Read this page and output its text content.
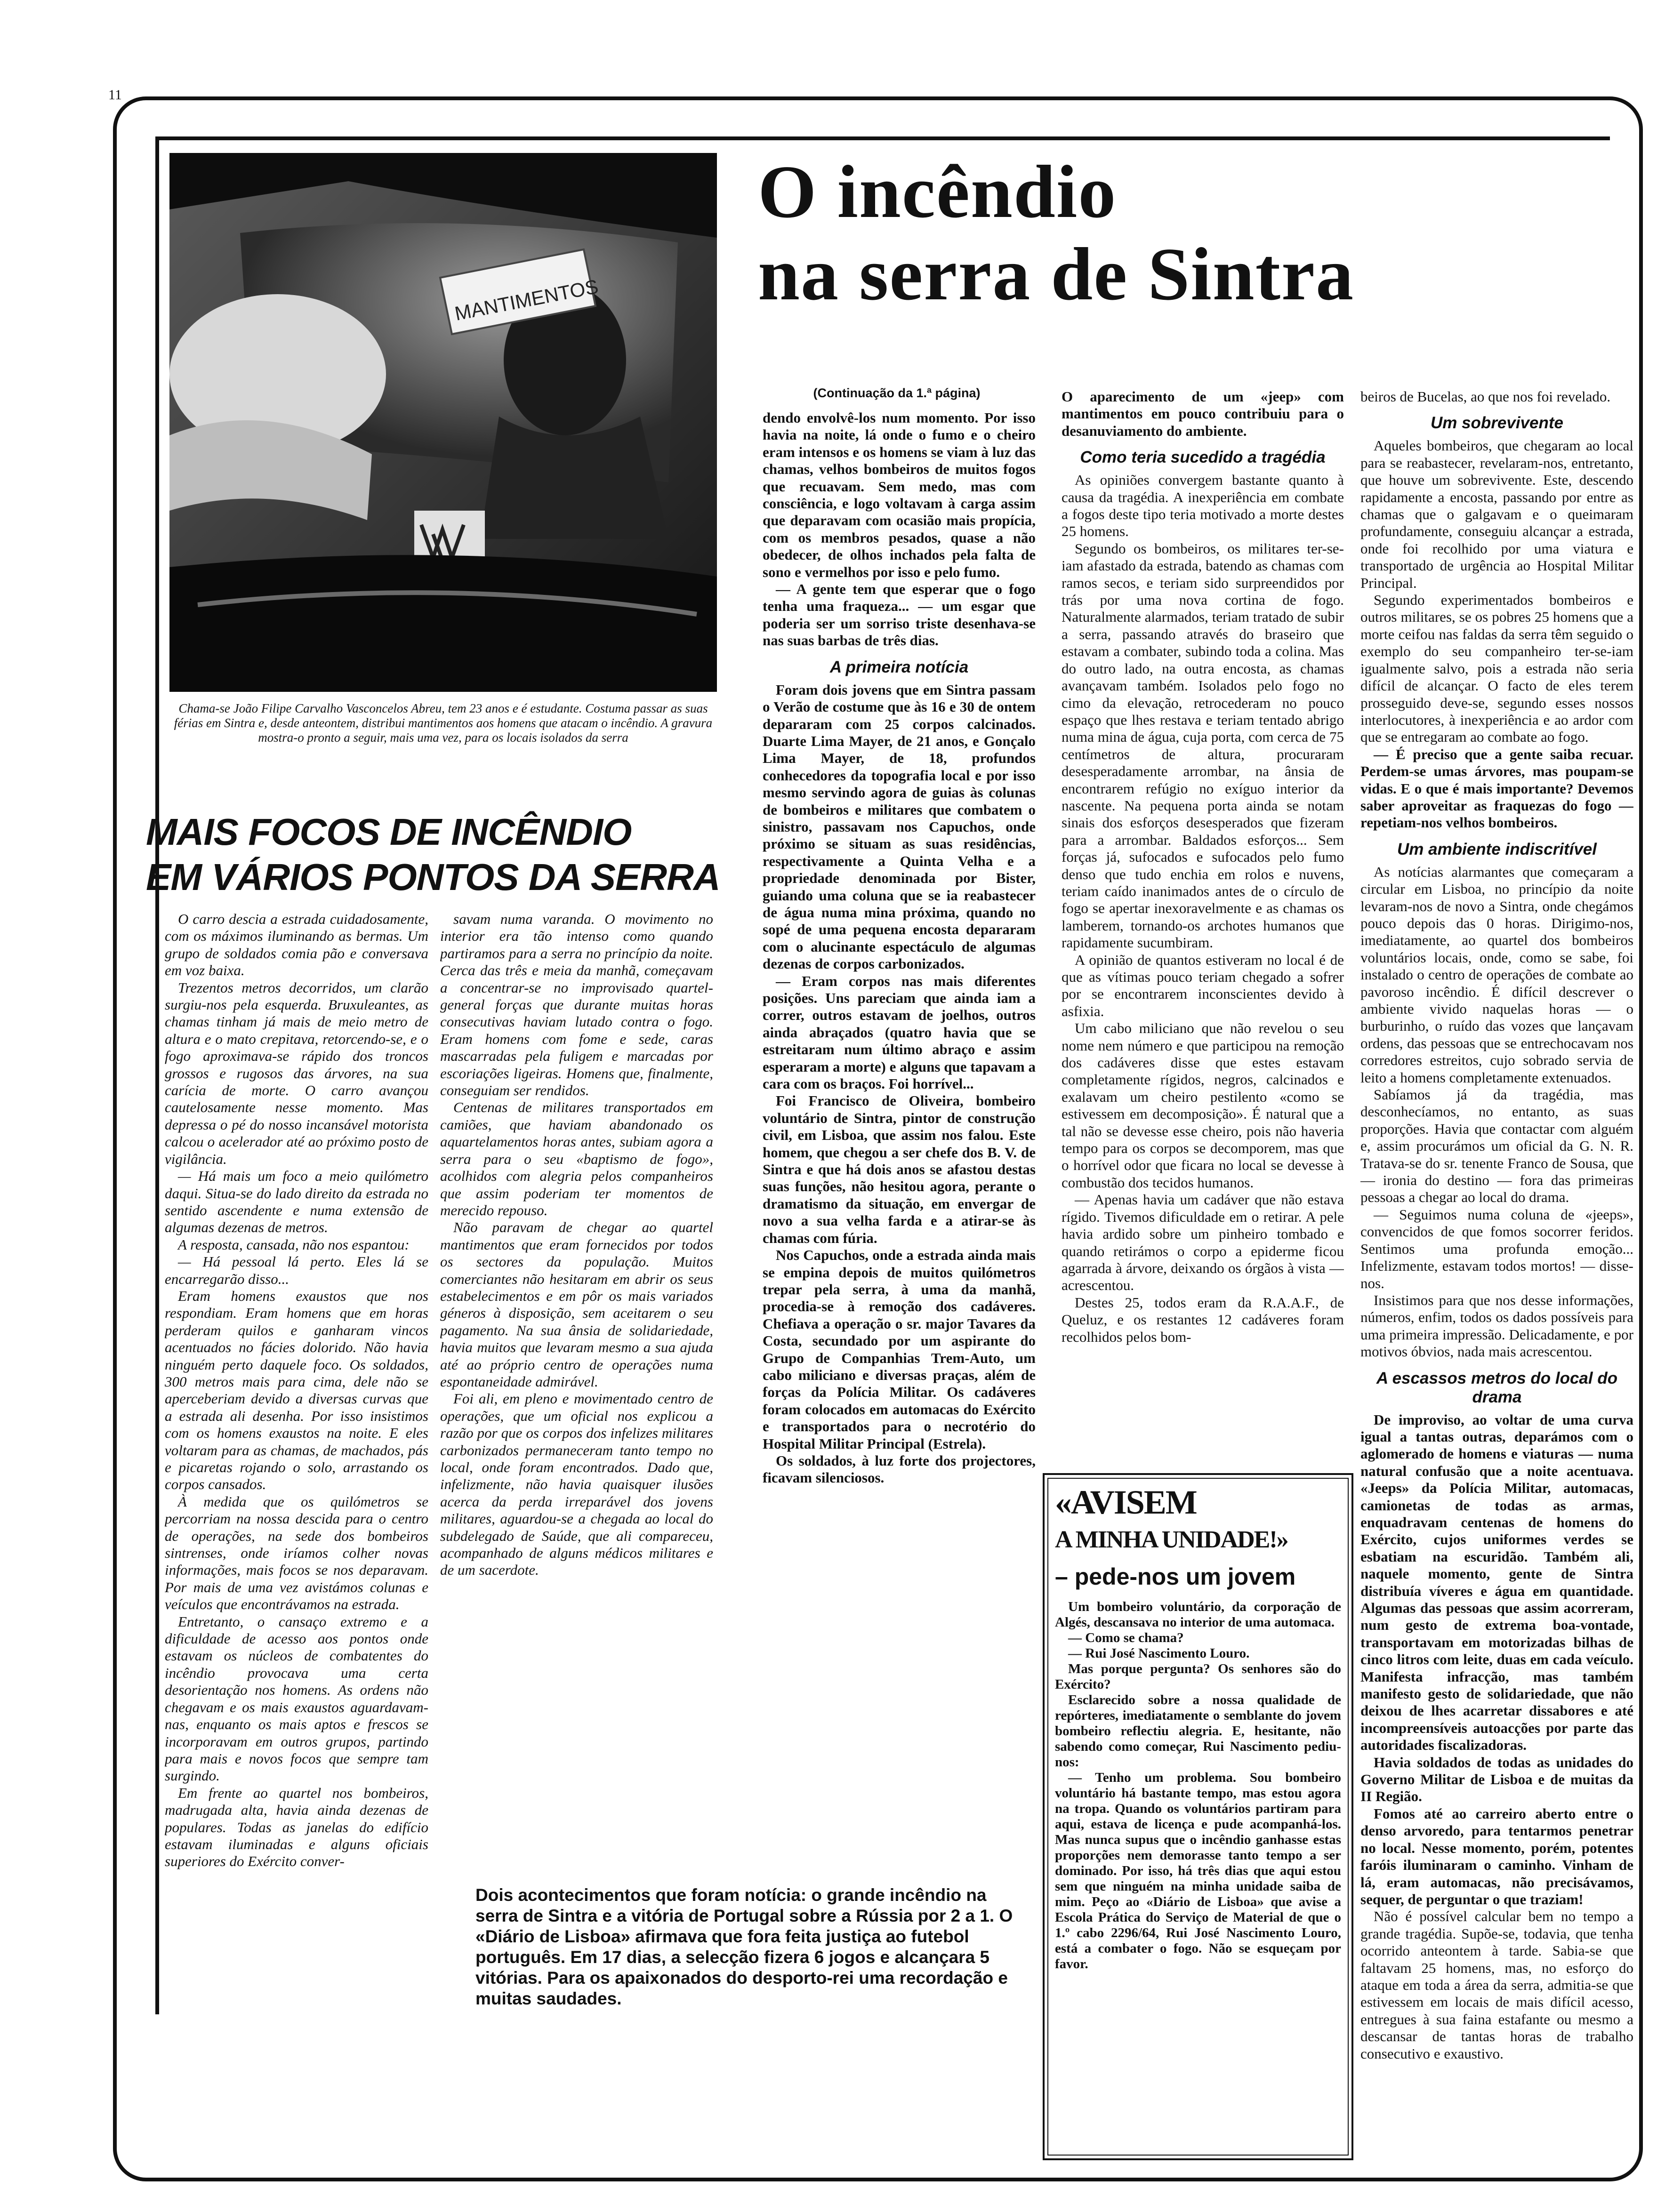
11
MANTIMENTOS
Chama-se João Filipe Carvalho Vasconcelos Abreu, tem 23 anos e é estudante. Costuma passar as suas férias em Sintra e, desde anteontem, distribui mantimentos aos homens que atacam o incêndio. A gravura mostra-o pronto a seguir, mais uma vez, para os locais isolados da serra
O incêndio
na serra de Sintra
MAIS FOCOS DE INCÊNDIO
EM VÁRIOS PONTOS DA SERRA

O carro descia a estrada cuidadosamente, com os máximos iluminando as bermas. Um grupo de soldados comia pão e conversava em voz baixa.

Trezentos metros decorridos, um clarão surgiu-nos pela esquerda. Bruxuleantes, as chamas tinham já mais de meio metro de altura e o mato crepitava, retorcendo-se, e o fogo aproximava-se rápido dos troncos grossos e rugosos das árvores, na sua carícia de morte. O carro avançou cautelosamente nesse momento. Mas depressa o pé do nosso incansável motorista calcou o acelerador até ao próximo posto de vigilância.

— Há mais um foco a meio quilómetro daqui. Situa-se do lado direito da estrada no sentido ascendente e numa extensão de algumas dezenas de metros.

A resposta, cansada, não nos espantou:

— Há pessoal lá perto. Eles lá se encarregarão disso...

Eram homens exaustos que nos respondiam. Eram homens que em horas perderam quilos e ganharam vincos acentuados no fácies dolorido. Não havia ninguém perto daquele foco. Os soldados, 300 metros mais para cima, dele não se aperceberiam devido a diversas curvas que a estrada ali desenha. Por isso insistimos com os homens exaustos na noite. E eles voltaram para as chamas, de machados, pás e picaretas rojando o solo, arrastando os corpos cansados.

À medida que os quilómetros se percorriam na nossa descida para o centro de operações, na sede dos bombeiros sintrenses, onde iríamos colher novas informações, mais focos se nos deparavam. Por mais de uma vez avistámos colunas e veículos que encontrávamos na estrada.

Entretanto, o cansaço extremo e a dificuldade de acesso aos pontos onde estavam os núcleos de combatentes do incêndio provocava uma certa desorientação nos homens. As ordens não chegavam e os mais exaustos aguardavam-nas, enquanto os mais aptos e frescos se incorporavam em outros grupos, partindo para mais e novos focos que sempre tam surgindo.

Em frente ao quartel nos bombeiros, madrugada alta, havia ainda dezenas de populares. Todas as janelas do edifício estavam iluminadas e alguns oficiais superiores do Exército conver-

savam numa varanda. O movimento no interior era tão intenso como quando partiramos para a serra no princípio da noite. Cerca das três e meia da manhã, começavam a concentrar-se no improvisado quartel-general forças que durante muitas horas consecutivas haviam lutado contra o fogo. Eram homens com fome e sede, caras mascarradas pela fuligem e marcadas por escoriações ligeiras. Homens que, finalmente, conseguiam ser rendidos.

Centenas de militares transportados em camiões, que haviam abandonado os aquartelamentos horas antes, subiam agora a serra para o seu «baptismo de fogo», acolhidos com alegria pelos companheiros que assim poderiam ter momentos de merecido repouso.

Não paravam de chegar ao quartel mantimentos que eram fornecidos por todos os sectores da população. Muitos comerciantes não hesitaram em abrir os seus estabelecimentos e em pôr os mais variados géneros à disposição, sem aceitarem o seu pagamento. Na sua ânsia de solidariedade, havia muitos que levaram mesmo a sua ajuda até ao próprio centro de operações numa espontaneidade admirável.

Foi ali, em pleno e movimentado centro de operações, que um oficial nos explicou a razão por que os corpos dos infelizes militares carbonizados permaneceram tanto tempo no local, onde foram encontrados. Dado que, infelizmente, não havia quaisquer ilusões acerca da perda irreparável dos jovens militares, aguardou-se a chegada ao local do subdelegado de Saúde, que ali compareceu, acompanhado de alguns médicos militares e de um sacerdote.

(Continuação da 1.ª página)

dendo envolvê-los num momento. Por isso havia na noite, lá onde o fumo e o cheiro eram intensos e os homens se viam à luz das chamas, velhos bombeiros de muitos fogos que recuavam. Sem medo, mas com consciência, e logo voltavam à carga assim que deparavam com ocasião mais propícia, com os membros pesados, quase a não obedecer, de olhos inchados pela falta de sono e vermelhos por isso e pelo fumo.

— A gente tem que esperar que o fogo tenha uma fraqueza... — um esgar que poderia ser um sorriso triste desenhava-se nas suas barbas de três dias.

A primeira notícia

Foram dois jovens que em Sintra passam o Verão de costume que às 16 e 30 de ontem depararam com 25 corpos calcinados. Duarte Lima Mayer, de 21 anos, e Gonçalo Lima Mayer, de 18, profundos conhecedores da topografia local e por isso mesmo servindo agora de guias às colunas de bombeiros e militares que combatem o sinistro, passavam nos Capuchos, onde próximo se situam as suas residências, respectivamente a Quinta Velha e a propriedade denominada por Bister, guiando uma coluna que se ia reabastecer de água numa mina próxima, quando no sopé de uma pequena encosta depararam com o alucinante espectáculo de algumas dezenas de corpos carbonizados.

— Eram corpos nas mais diferentes posições. Uns pareciam que ainda iam a correr, outros estavam de joelhos, outros ainda abraçados (quatro havia que se estreitaram num último abraço e assim esperaram a morte) e alguns que tapavam a cara com os braços. Foi horrível...

Foi Francisco de Oliveira, bombeiro voluntário de Sintra, pintor de construção civil, em Lisboa, que assim nos falou. Este homem, que chegou a ser chefe dos B. V. de Sintra e que há dois anos se afastou destas suas funções, não hesitou agora, perante o dramatismo da situação, em envergar de novo a sua velha farda e a atirar-se às chamas com fúria.

Nos Capuchos, onde a estrada ainda mais se empina depois de muitos quilómetros trepar pela serra, à uma da manhã, procedia-se à remoção dos cadáveres. Chefiava a operação o sr. major Tavares da Costa, secundado por um aspirante do Grupo de Companhias Trem-Auto, um cabo miliciano e diversas praças, além de forças da Polícia Militar. Os cadáveres foram colocados em automacas do Exército e transportados para o necrotério do Hospital Militar Principal (Estrela).

Os soldados, à luz forte dos projectores, ficavam silenciosos.

O aparecimento de um «jeep» com mantimentos em pouco contribuiu para o desanuviamento do ambiente.

Como teria sucedido a tragédia

As opiniões convergem bastante quanto à causa da tragédia. A inexperiência em combate a fogos deste tipo teria motivado a morte destes 25 homens.

Segundo os bombeiros, os militares ter-se-iam afastado da estrada, batendo as chamas com ramos secos, e teriam sido surpreendidos por trás por uma nova cortina de fogo. Naturalmente alarmados, teriam tratado de subir a serra, passando através do braseiro que estavam a combater, subindo toda a colina. Mas do outro lado, na outra encosta, as chamas avançavam também. Isolados pelo fogo no cimo da elevação, retrocederam no pouco espaço que lhes restava e teriam tentado abrigo numa mina de água, cuja porta, com cerca de 75 centímetros de altura, procuraram desesperadamente arrombar, na ânsia de encontrarem refúgio no exíguo interior da nascente. Na pequena porta ainda se notam sinais dos esforços desesperados que fizeram para a arrombar. Baldados esforços... Sem forças já, sufocados e sufocados pelo fumo denso que tudo enchia em rolos e nuvens, teriam caído inanimados antes de o círculo de fogo se apertar inexoravelmente e as chamas os lamberem, tornando-os archotes humanos que rapidamente sucumbiram.

A opinião de quantos estiveram no local é de que as vítimas pouco teriam chegado a sofrer por se encontrarem inconscientes devido à asfixia.

Um cabo miliciano que não revelou o seu nome nem número e que participou na remoção dos cadáveres disse que estes estavam completamente rígidos, negros, calcinados e exalavam um cheiro pestilento «como se estivessem em decomposição». É natural que a tal não se devesse esse cheiro, pois não haveria tempo para os corpos se decomporem, mas que o horrível odor que ficara no local se devesse à combustão dos tecidos humanos.

— Apenas havia um cadáver que não estava rígido. Tivemos dificuldade em o retirar. A pele havia ardido sobre um pinheiro tombado e quando retirámos o corpo a epiderme ficou agarrada à árvore, deixando os órgãos à vista — acrescentou.

Destes 25, todos eram da R.A.A.F., de Queluz, e os restantes 12 cadáveres foram recolhidos pelos bom-

«AVISEM
A MINHA UNIDADE!»
– pede-nos um jovem

Um bombeiro voluntário, da corporação de Algés, descansava no interior de uma automaca.

— Como se chama?

— Rui José Nascimento Louro.

Mas porque pergunta? Os senhores são do Exército?

Esclarecido sobre a nossa qualidade de repórteres, imediatamente o semblante do jovem bombeiro reflectiu alegria. E, hesitante, não sabendo como começar, Rui Nascimento pediu-nos:

— Tenho um problema. Sou bombeiro voluntário há bastante tempo, mas estou agora na tropa. Quando os voluntários partiram para aqui, estava de licença e pude acompanhá-los. Mas nunca supus que o incêndio ganhasse estas proporções nem demorasse tanto tempo a ser dominado. Por isso, há três dias que aqui estou sem que ninguém na minha unidade saiba de mim. Peço ao «Diário de Lisboa» que avise a Escola Prática do Serviço de Material de que o 1.º cabo 2296/64, Rui José Nascimento Louro, está a combater o fogo. Não se esqueçam por favor.

beiros de Bucelas, ao que nos foi revelado.

Um sobrevivente

Aqueles bombeiros, que chegaram ao local para se reabastecer, revelaram-nos, entretanto, que houve um sobrevivente. Este, descendo rapidamente a encosta, passando por entre as chamas que o galgavam e o queimaram profundamente, conseguiu alcançar a estrada, onde foi recolhido por uma viatura e transportado de urgência ao Hospital Militar Principal.

Segundo experimentados bombeiros e outros militares, se os pobres 25 homens que a morte ceifou nas faldas da serra têm seguido o exemplo do seu companheiro ter-se-iam igualmente salvo, pois a estrada não seria difícil de alcançar. O facto de eles terem prosseguido deve-se, segundo esses nossos interlocutores, à inexperiência e ao ardor com que se entregaram ao combate ao fogo.

— É preciso que a gente saiba recuar. Perdem-se umas árvores, mas poupam-se vidas. E o que é mais importante? Devemos saber aproveitar as fraquezas do fogo — repetiam-nos velhos bombeiros.

Um ambiente indiscritível

As notícias alarmantes que começaram a circular em Lisboa, no princípio da noite levaram-nos de novo a Sintra, onde chegámos pouco depois das 0 horas. Dirigimo-nos, imediatamente, ao quartel dos bombeiros voluntários locais, onde, como se sabe, foi instalado o centro de operações de combate ao pavoroso incêndio. É difícil descrever o ambiente vivido naquelas horas — o burburinho, o ruído das vozes que lançavam ordens, das pessoas que se entrechocavam nos corredores estreitos, cujo sobrado servia de leito a homens completamente extenuados.

Sabíamos já da tragédia, mas desconhecíamos, no entanto, as suas proporções. Havia que contactar com alguém e, assim procurámos um oficial da G. N. R. Tratava-se do sr. tenente Franco de Sousa, que — ironia do destino — fora das primeiras pessoas a chegar ao local do drama.

— Seguimos numa coluna de «jeeps», convencidos de que fomos socorrer feridos. Sentimos uma profunda emoção... Infelizmente, estavam todos mortos! — disse-nos.

Insistimos para que nos desse informações, números, enfim, todos os dados possíveis para uma primeira impressão. Delicadamente, e por motivos óbvios, nada mais acrescentou.

A escassos metros do local do drama

De improviso, ao voltar de uma curva igual a tantas outras, deparámos com o aglomerado de homens e viaturas — numa natural confusão que a noite acentuava. «Jeeps» da Polícia Militar, automacas, camionetas de todas as armas, enquadravam centenas de homens do Exército, cujos uniformes verdes se esbatiam na escuridão. Também ali, naquele momento, gente de Sintra distribuía víveres e água em quantidade. Algumas das pessoas que assim acorreram, num gesto de extrema boa-vontade, transportavam em motorizadas bilhas de cinco litros com leite, duas em cada veículo. Manifesta infracção, mas também manifesto gesto de solidariedade, que não deixou de lhes acarretar dissabores e até incompreensíveis autoacções por parte das autoridades fiscalizadoras.

Havia soldados de todas as unidades do Governo Militar de Lisboa e de muitas da II Região.

Fomos até ao carreiro aberto entre o denso arvoredo, para tentarmos penetrar no local. Nesse momento, porém, potentes faróis iluminaram o caminho. Vinham de lá, eram automacas, não precisávamos, sequer, de perguntar o que traziam!

Não é possível calcular bem no tempo a grande tragédia. Supõe-se, todavia, que tenha ocorrido anteontem à tarde. Sabia-se que faltavam 25 homens, mas, no esforço do ataque em toda a área da serra, admitia-se que estivessem em locais de mais difícil acesso, entregues à sua faina estafante ou mesmo a descansar de tantas horas de trabalho consecutivo e exaustivo.

Dois acontecimentos que foram notícia: o grande incêndio na serra de Sintra e a vitória de Portugal sobre a Rússia por 2 a 1. O «Diário de Lisboa» afirmava que fora feita justiça ao futebol português. Em 17 dias, a selecção fizera 6 jogos e alcançara 5 vitórias. Para os apaixonados do desporto-rei uma recordação e muitas saudades.
